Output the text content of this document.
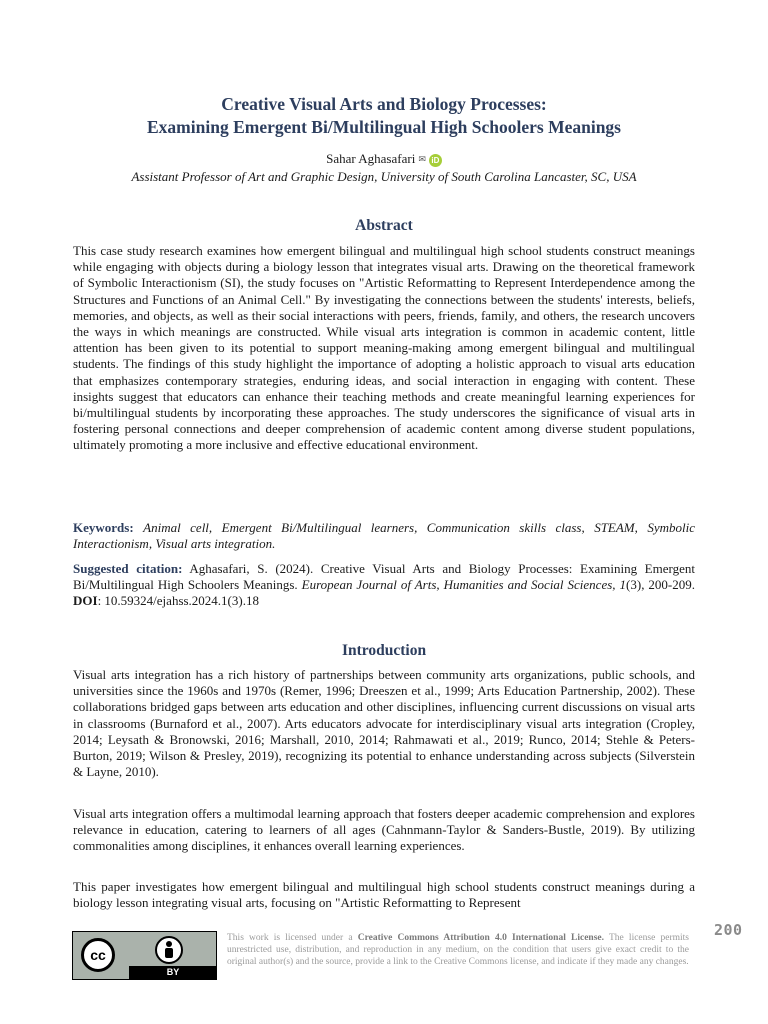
Creative Visual Arts and Biology Processes:
Examining Emergent Bi/Multilingual High Schoolers Meanings
Sahar Aghasafari ✉ iD
Assistant Professor of Art and Graphic Design, University of South Carolina Lancaster, SC, USA
Abstract

This case study research examines how emergent bilingual and multilingual high school students construct meanings while engaging with objects during a biology lesson that integrates visual arts. Drawing on the theoretical framework of Symbolic Interactionism (SI), the study focuses on "Artistic Reformatting to Represent Interdependence among the Structures and Functions of an Animal Cell." By investigating the connections between the students' interests, beliefs, memories, and objects, as well as their social interactions with peers, friends, family, and others, the research uncovers the ways in which meanings are constructed. While visual arts integration is common in academic content, little attention has been given to its potential to support meaning-making among emergent bilingual and multilingual students. The findings of this study highlight the importance of adopting a holistic approach to visual arts education that emphasizes contemporary strategies, enduring ideas, and social interaction in engaging with content. These insights suggest that educators can enhance their teaching methods and create meaningful learning experiences for bi/multilingual students by incorporating these approaches. The study underscores the significance of visual arts in fostering personal connections and deeper comprehension of academic content among diverse student populations, ultimately promoting a more inclusive and effective educational environment.

Keywords: Animal cell, Emergent Bi/Multilingual learners, Communication skills class, STEAM, Symbolic Interactionism, Visual arts integration.

Suggested citation: Aghasafari, S. (2024). Creative Visual Arts and Biology Processes: Examining Emergent Bi/Multilingual High Schoolers Meanings. European Journal of Arts, Humanities and Social Sciences, 1(3), 200-209. DOI: 10.59324/ejahss.2024.1(3).18

Introduction

Visual arts integration has a rich history of partnerships between community arts organizations, public schools, and universities since the 1960s and 1970s (Remer, 1996; Dreeszen et al., 1999; Arts Education Partnership, 2002). These collaborations bridged gaps between arts education and other disciplines, influencing current discussions on visual arts in classrooms (Burnaford et al., 2007). Arts educators advocate for interdisciplinary visual arts integration (Cropley, 2014; Leysath & Bronowski, 2016; Marshall, 2010, 2014; Rahmawati et al., 2019; Runco, 2014; Stehle & Peters-Burton, 2019; Wilson & Presley, 2019), recognizing its potential to enhance understanding across subjects (Silverstein & Layne, 2010).

Visual arts integration offers a multimodal learning approach that fosters deeper academic comprehension and explores relevance in education, catering to learners of all ages (Cahnmann-Taylor & Sanders-Bustle, 2019). By utilizing commonalities among disciplines, it enhances overall learning experiences.

This paper investigates how emergent bilingual and multilingual high school students construct meanings during a biology lesson integrating visual arts, focusing on "Artistic Reformatting to Represent

cc
BY

This work is licensed under a Creative Commons Attribution 4.0 International License. The license permits unrestricted use, distribution, and reproduction in any medium, on the condition that users give exact credit to the original author(s) and the source, provide a link to the Creative Commons license, and indicate if they made any changes.

200
